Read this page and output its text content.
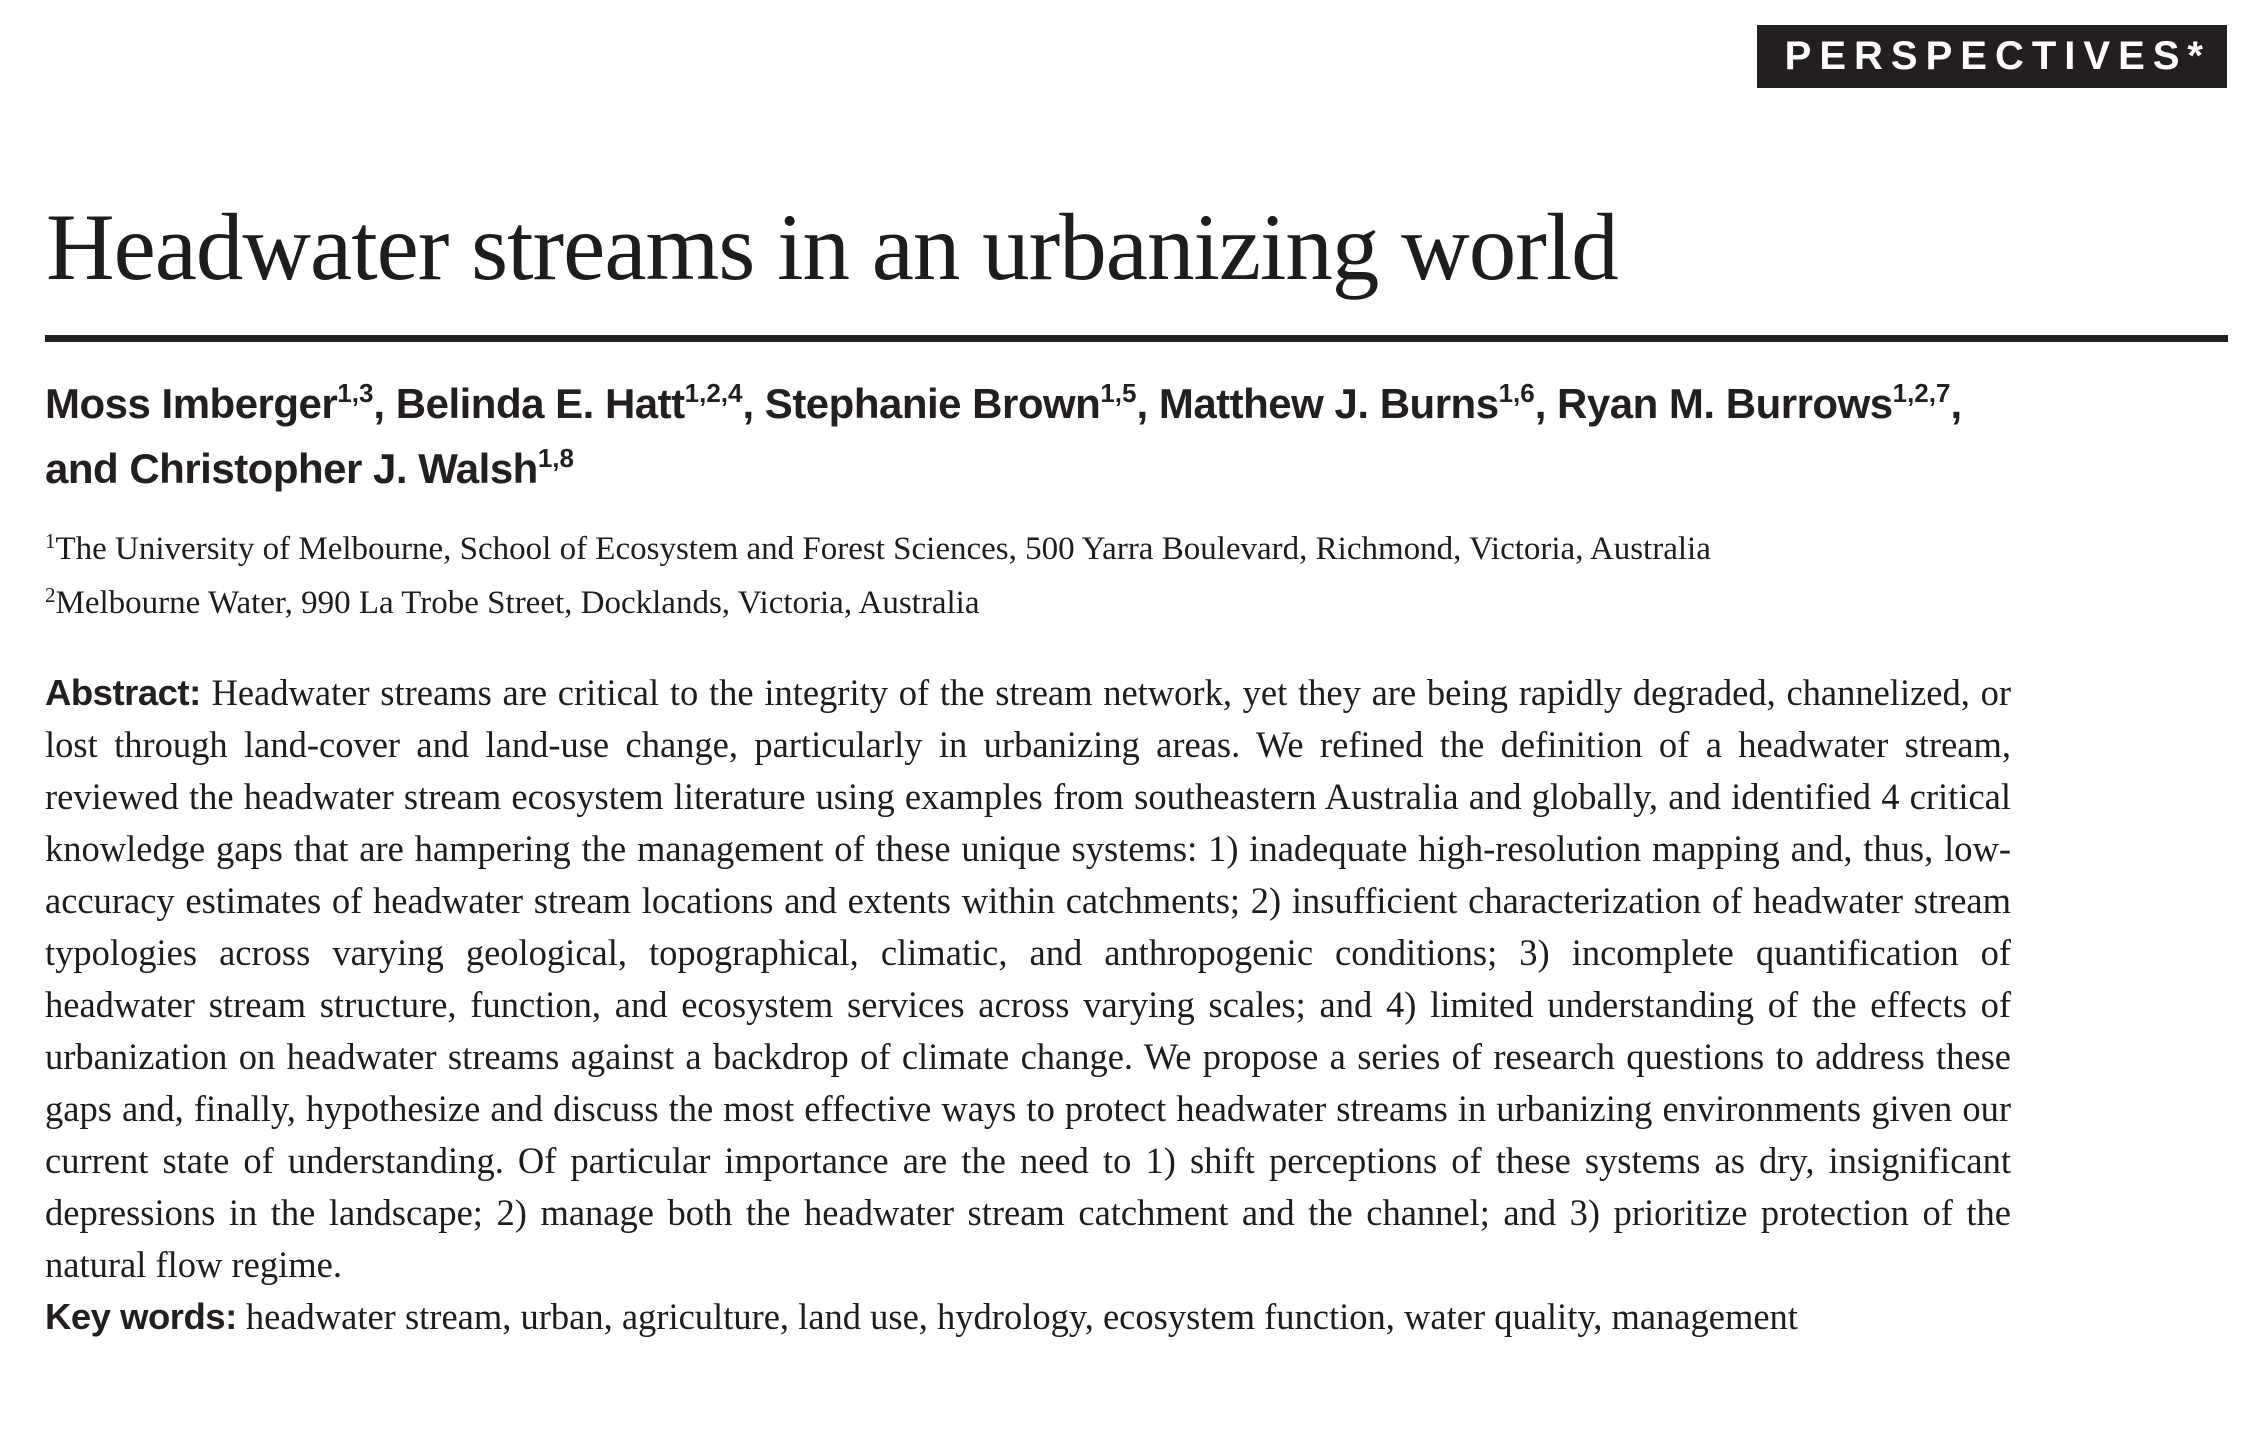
PERSPECTIVES*
Headwater streams in an urbanizing world
Moss Imberger$^{1,3}$, Belinda E. Hatt$^{1,2,4}$, Stephanie Brown$^{1,5}$, Matthew J. Burns$^{1,6}$, Ryan M. Burrows$^{1,2,7}$,
and Christopher J. Walsh$^{1,8}$
$^1$The University of Melbourne, School of Ecosystem and Forest Sciences, 500 Yarra Boulevard, Richmond, Victoria, Australia
$^2$Melbourne Water, 990 La Trobe Street, Docklands, Victoria, Australia

Abstract: Headwater streams are critical to the integrity of the stream network, yet they are being rapidly degraded, channelized, or lost through land-cover and land-use change, particularly in urbanizing areas. We refined the definition of a headwater stream, reviewed the headwater stream ecosystem literature using examples from southeastern Australia and globally, and identified 4 critical knowledge gaps that are hampering the management of these unique systems: 1) inadequate high-resolution mapping and, thus, low-accuracy estimates of headwater stream locations and extents within catchments; 2) insufficient characterization of headwater stream typologies across varying geological, topographical, climatic, and anthropogenic conditions; 3) incomplete quantification of headwater stream structure, function, and ecosystem services across varying scales; and 4) limited understanding of the effects of urbanization on headwater streams against a backdrop of climate change. We propose a series of research questions to address these gaps and, finally, hypothesize and discuss the most effective ways to protect headwater streams in urbanizing environments given our current state of understanding. Of particular importance are the need to 1) shift perceptions of these systems as dry, insignificant depressions in the landscape; 2) manage both the headwater stream catchment and the channel; and 3) prioritize protection of the natural flow regime.

Key words: headwater stream, urban, agriculture, land use, hydrology, ecosystem function, water quality, management
